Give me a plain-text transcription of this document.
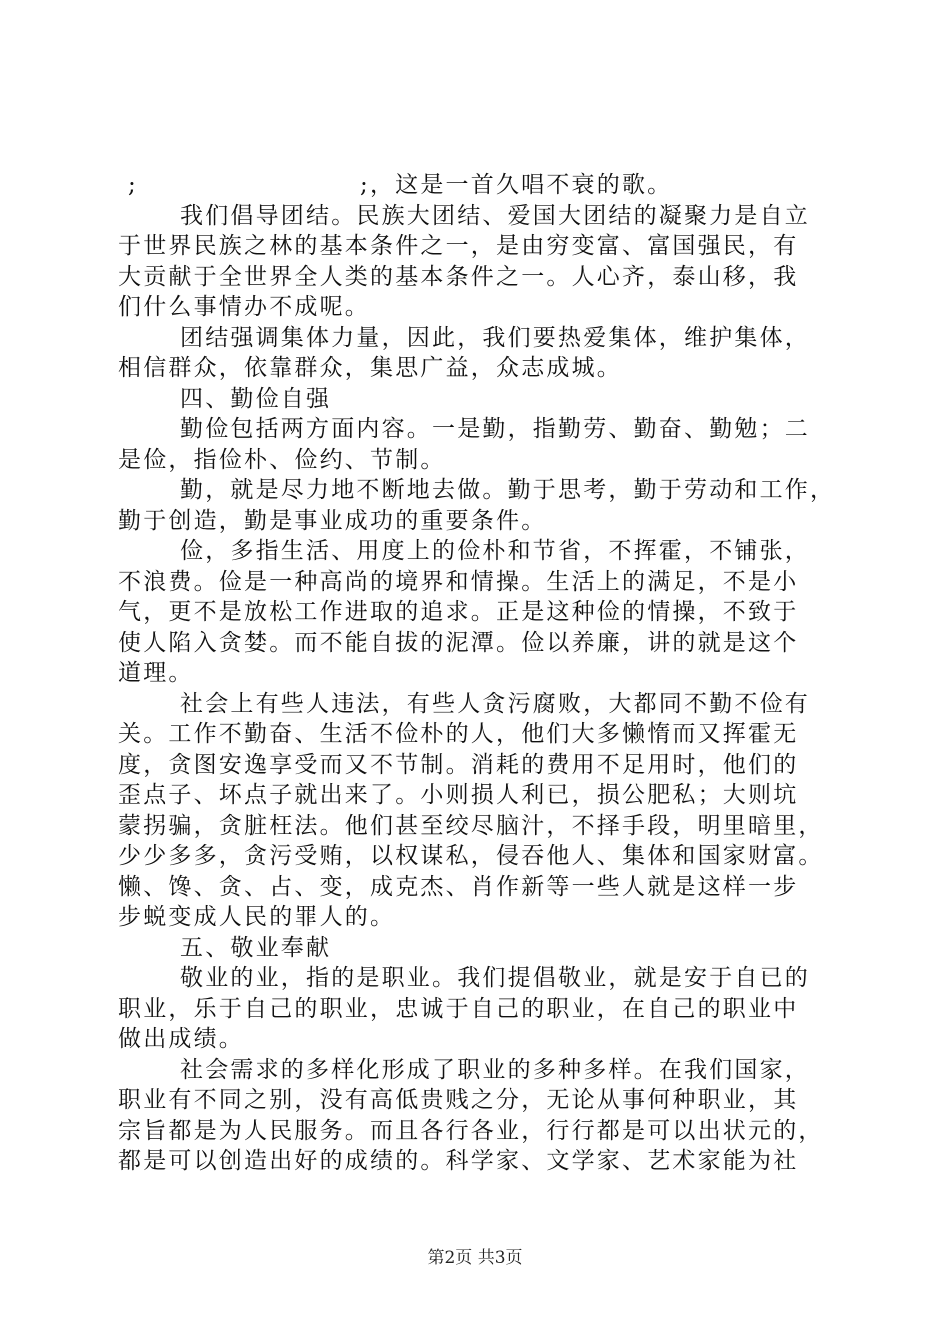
;	;，这是一首久唱不衰的歌。
我们倡导团结。民族大团结、爱国大团结的凝聚力是自立
于世界民族之林的基本条件之一，是由穷变富、富国强民，有
大贡献于全世界全人类的基本条件之一。人心齐，泰山移，我
们什么事情办不成呢。
团结强调集体力量，因此，我们要热爱集体，维护集体，
相信群众，依靠群众，集思广益，众志成城。
四、勤俭自强
勤俭包括两方面内容。一是勤，指勤劳、勤奋、勤勉；二
是俭，指俭朴、俭约、节制。
勤，就是尽力地不断地去做。勤于思考，勤于劳动和工作，
勤于创造，勤是事业成功的重要条件。
俭，多指生活、用度上的俭朴和节省，不挥霍，不铺张，
不浪费。俭是一种高尚的境界和情操。生活上的满足，不是小
气，更不是放松工作进取的追求。正是这种俭的情操，不致于
使人陷入贪婪。而不能自拔的泥潭。俭以养廉，讲的就是这个
道理。
社会上有些人违法，有些人贪污腐败，大都同不勤不俭有
关。工作不勤奋、生活不俭朴的人，他们大多懒惰而又挥霍无
度，贪图安逸享受而又不节制。消耗的费用不足用时，他们的
歪点子、坏点子就出来了。小则损人利已，损公肥私；大则坑
蒙拐骗，贪脏枉法。他们甚至绞尽脑汁，不择手段，明里暗里，
少少多多，贪污受贿，以权谋私，侵吞他人、集体和国家财富。
懒、馋、贪、占、变，成克杰、肖作新等一些人就是这样一步
步蜕变成人民的罪人的。
五、敬业奉献
敬业的业，指的是职业。我们提倡敬业，就是安于自已的
职业，乐于自己的职业，忠诚于自己的职业，在自己的职业中
做出成绩。
社会需求的多样化形成了职业的多种多样。在我们国家，
职业有不同之别，没有高低贵贱之分，无论从事何种职业，其
宗旨都是为人民服务。而且各行各业，行行都是可以出状元的，
都是可以创造出好的成绩的。科学家、文学家、艺术家能为社
第2页 共3页
